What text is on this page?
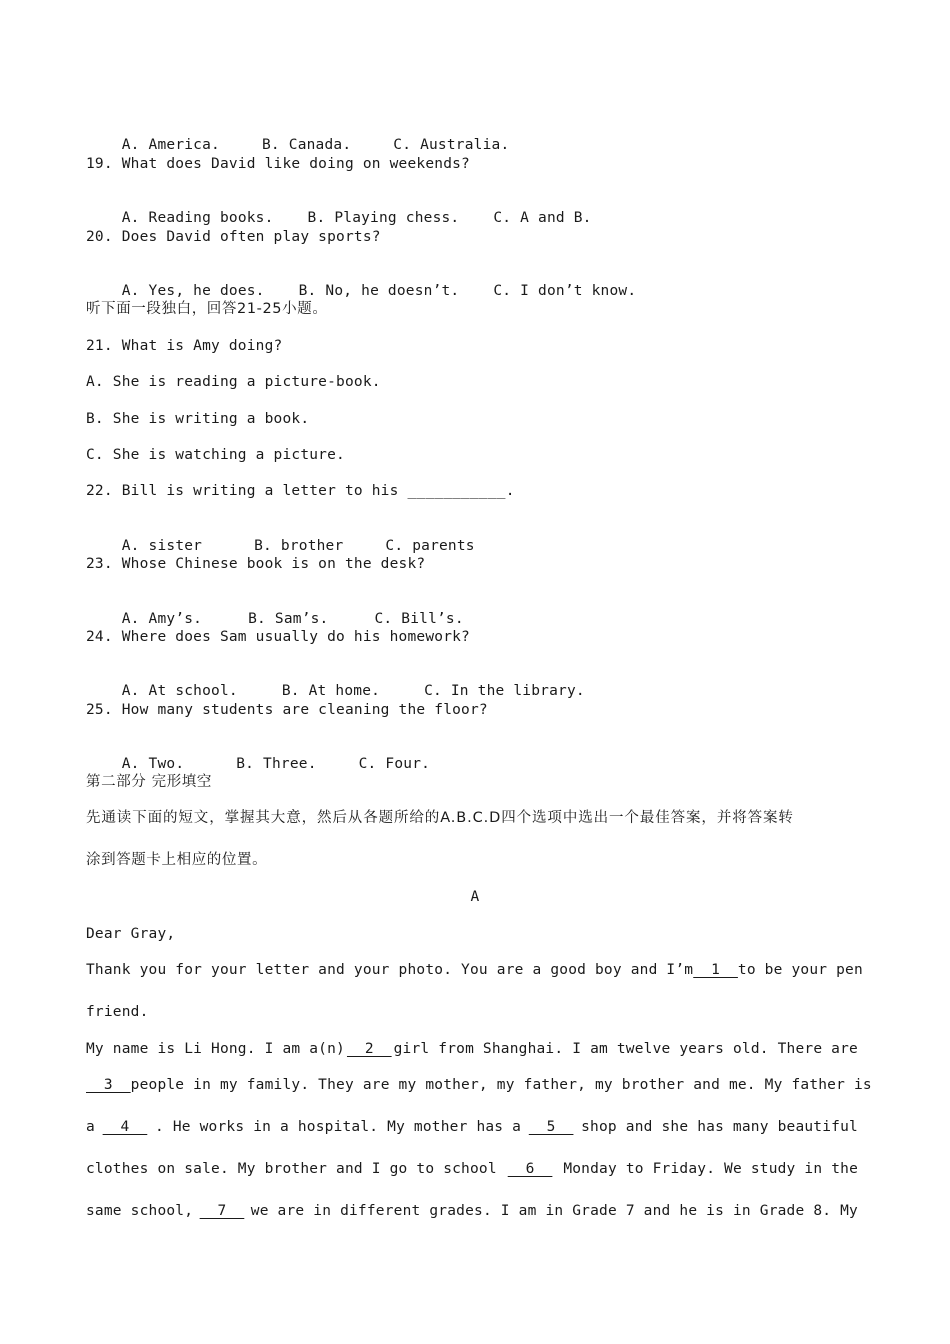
A. America.	B. Canada.	C. Australia.

19. What does David like doing on weekends?

A. Reading books. B. Playing chess. C. A and B.

20. Does David often play sports?

A. Yes, he does. B. No, he doesn’t. C. I don’t know.

听下面一段独白，回答21-25小题。
21. What is Amy doing?
A. She is reading a picture-book.
B. She is writing a book.
C. She is watching a picture.
22. Bill is writing a letter to his ___________.

A. sister	B. brother	C. parents

23. Whose Chinese book is on the desk?

A. Amy’s.	B. Sam’s.	C. Bill’s.

24. Where does Sam usually do his homework?

A. At school.	B. At home.	C. In the library.

25. How many students are cleaning the floor?

A. Two.	B. Three.	C. Four.

第二部分 完形填空
先通读下面的短文，掌握其大意，然后从各题所给的A.B.C.D四个选项中选出一个最佳答案，并将答案转
涂到答题卡上相应的位置。
A
Dear Gray,
Thank you for your letter and your photo. You are a good boy and I’m 1 to be your pen
friend.
My name is Li Hong. I am a(n) 2 girl from Shanghai. I am twelve years old. There are
3 people in my family. They are my mother, my father, my brother and me. My father is
a 4 . He works in a hospital. My mother has a 5 shop and she has many beautiful
clothes on sale. My brother and I go to school 6 Monday to Friday. We study in the
same school, 7 we are in different grades. I am in Grade 7 and he is in Grade 8. My
